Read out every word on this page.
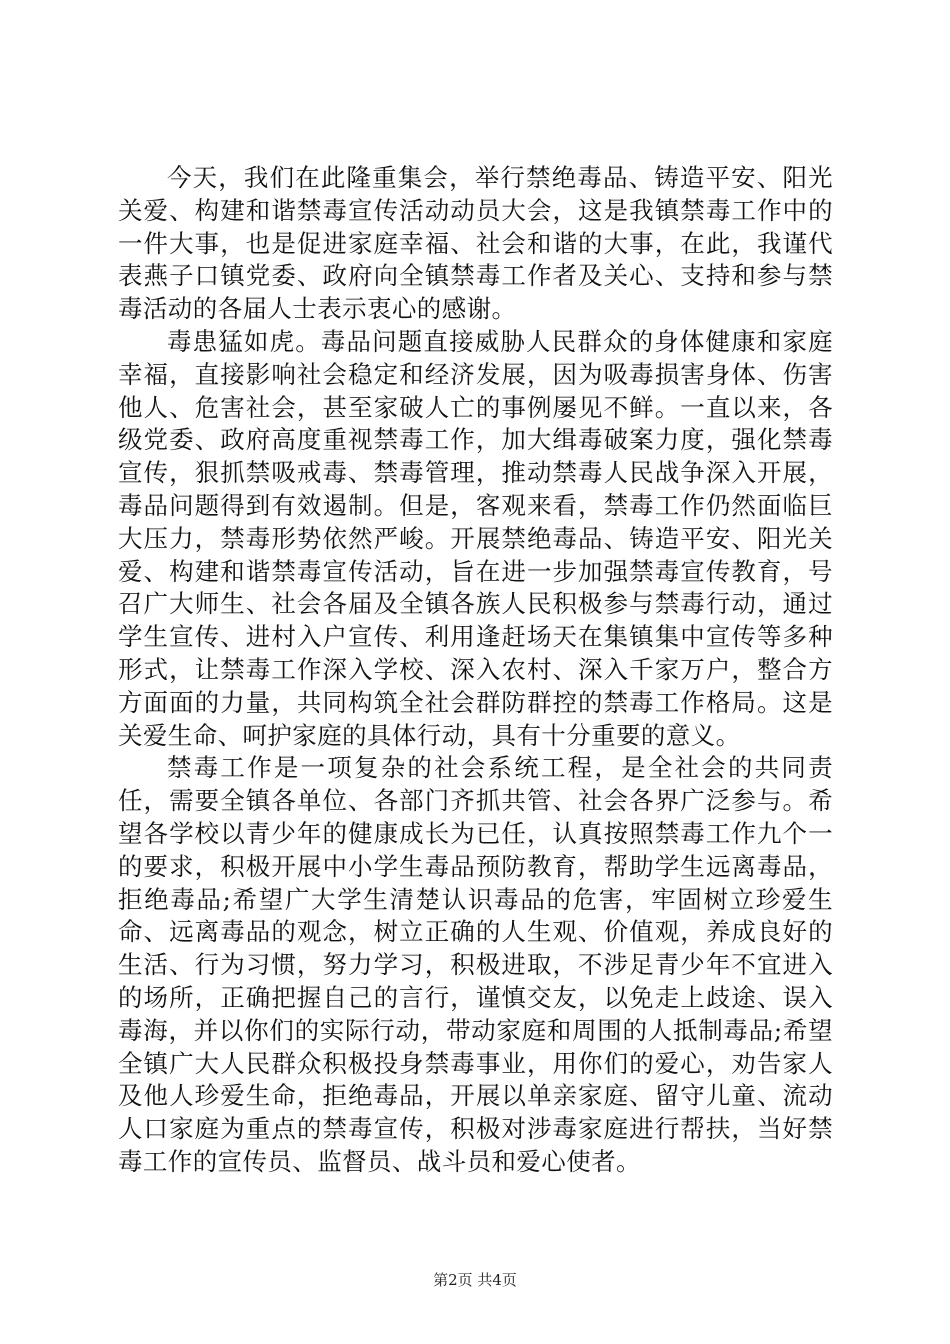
今天，我们在此隆重集会，举行禁绝毒品、铸造平安、阳光关爱、构建和谐禁毒宣传活动动员大会，这是我镇禁毒工作中的一件大事，也是促进家庭幸福、社会和谐的大事，在此，我谨代表燕子口镇党委、政府向全镇禁毒工作者及关心、支持和参与禁毒活动的各届人士表示衷心的感谢。

毒患猛如虎。毒品问题直接威胁人民群众的身体健康和家庭幸福，直接影响社会稳定和经济发展，因为吸毒损害身体、伤害他人、危害社会，甚至家破人亡的事例屡见不鲜。一直以来，各级党委、政府高度重视禁毒工作，加大缉毒破案力度，强化禁毒宣传，狠抓禁吸戒毒、禁毒管理，推动禁毒人民战争深入开展，毒品问题得到有效遏制。但是，客观来看，禁毒工作仍然面临巨大压力，禁毒形势依然严峻。开展禁绝毒品、铸造平安、阳光关爱、构建和谐禁毒宣传活动，旨在进一步加强禁毒宣传教育，号召广大师生、社会各届及全镇各族人民积极参与禁毒行动，通过学生宣传、进村入户宣传、利用逢赶场天在集镇集中宣传等多种形式，让禁毒工作深入学校、深入农村、深入千家万户，整合方方面面的力量，共同构筑全社会群防群控的禁毒工作格局。这是关爱生命、呵护家庭的具体行动，具有十分重要的意义。

禁毒工作是一项复杂的社会系统工程，是全社会的共同责任，需要全镇各单位、各部门齐抓共管、社会各界广泛参与。希望各学校以青少年的健康成长为已任，认真按照禁毒工作九个一的要求，积极开展中小学生毒品预防教育，帮助学生远离毒品，拒绝毒品;希望广大学生清楚认识毒品的危害，牢固树立珍爱生命、远离毒品的观念，树立正确的人生观、价值观，养成良好的生活、行为习惯，努力学习，积极进取，不涉足青少年不宜进入的场所，正确把握自己的言行，谨慎交友，以免走上歧途、误入毒海，并以你们的实际行动，带动家庭和周围的人抵制毒品;希望全镇广大人民群众积极投身禁毒事业，用你们的爱心，劝告家人及他人珍爱生命，拒绝毒品，开展以单亲家庭、留守儿童、流动人口家庭为重点的禁毒宣传，积极对涉毒家庭进行帮扶，当好禁毒工作的宣传员、监督员、战斗员和爱心使者。

第2页 共4页
